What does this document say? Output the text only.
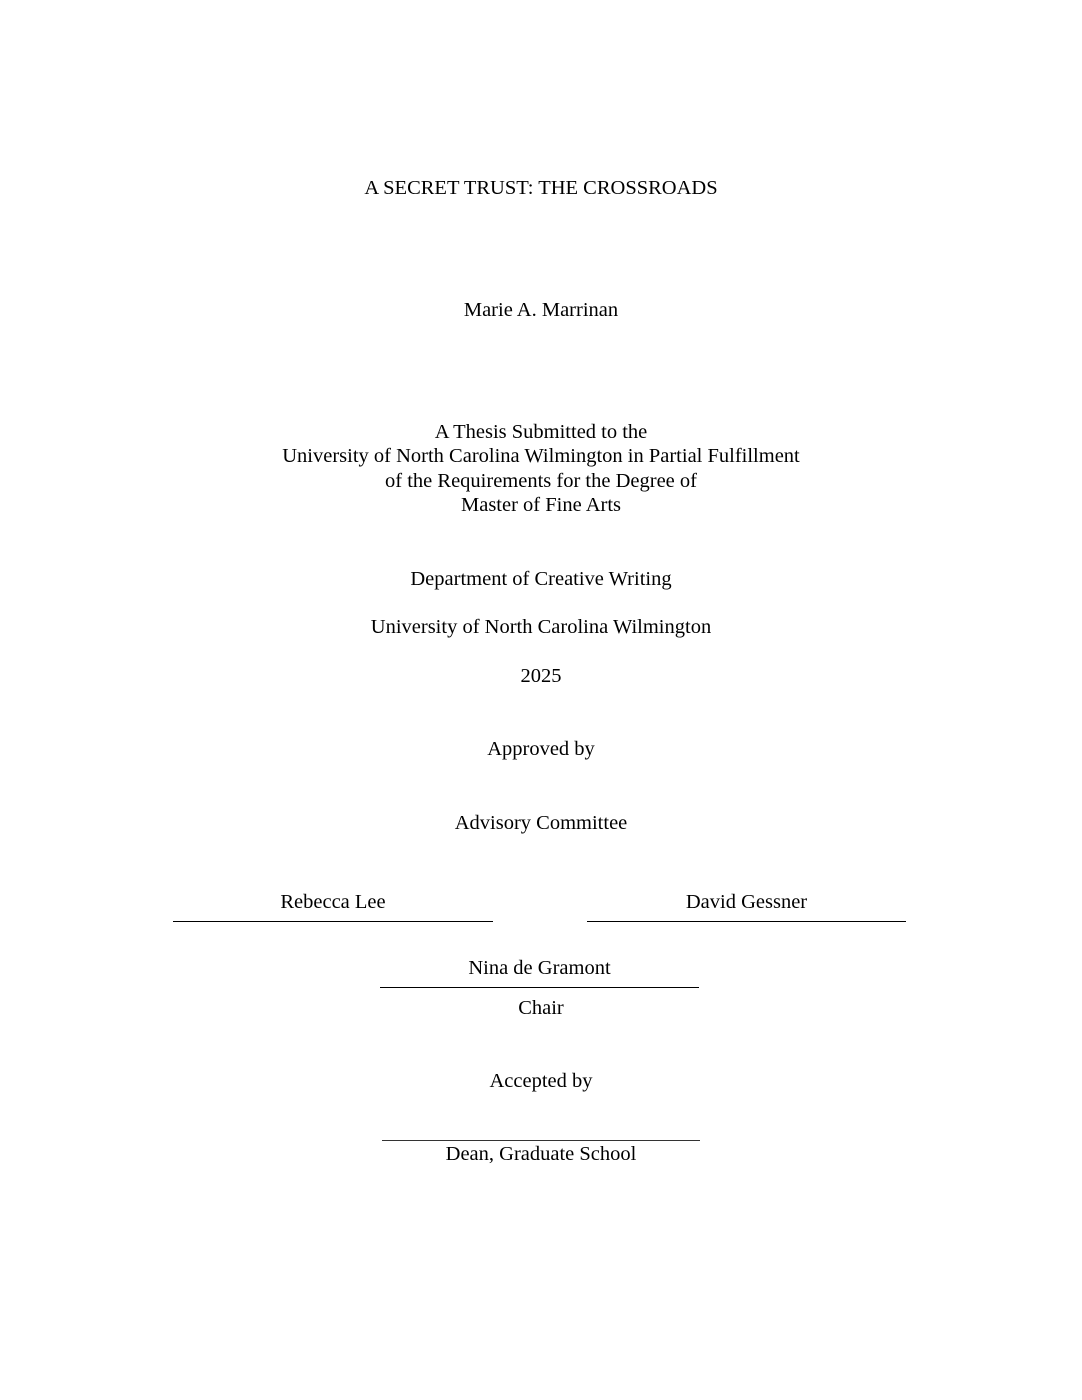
A SECRET TRUST: THE CROSSROADS
Marie A. Marrinan
A Thesis Submitted to the
University of North Carolina Wilmington in Partial Fulfillment
of the Requirements for the Degree of
Master of Fine Arts
Department of Creative Writing
University of North Carolina Wilmington
2025
Approved by
Advisory Committee
Rebecca Lee	David Gessner
Nina de Gramont
Chair
Accepted by
Dean, Graduate School
